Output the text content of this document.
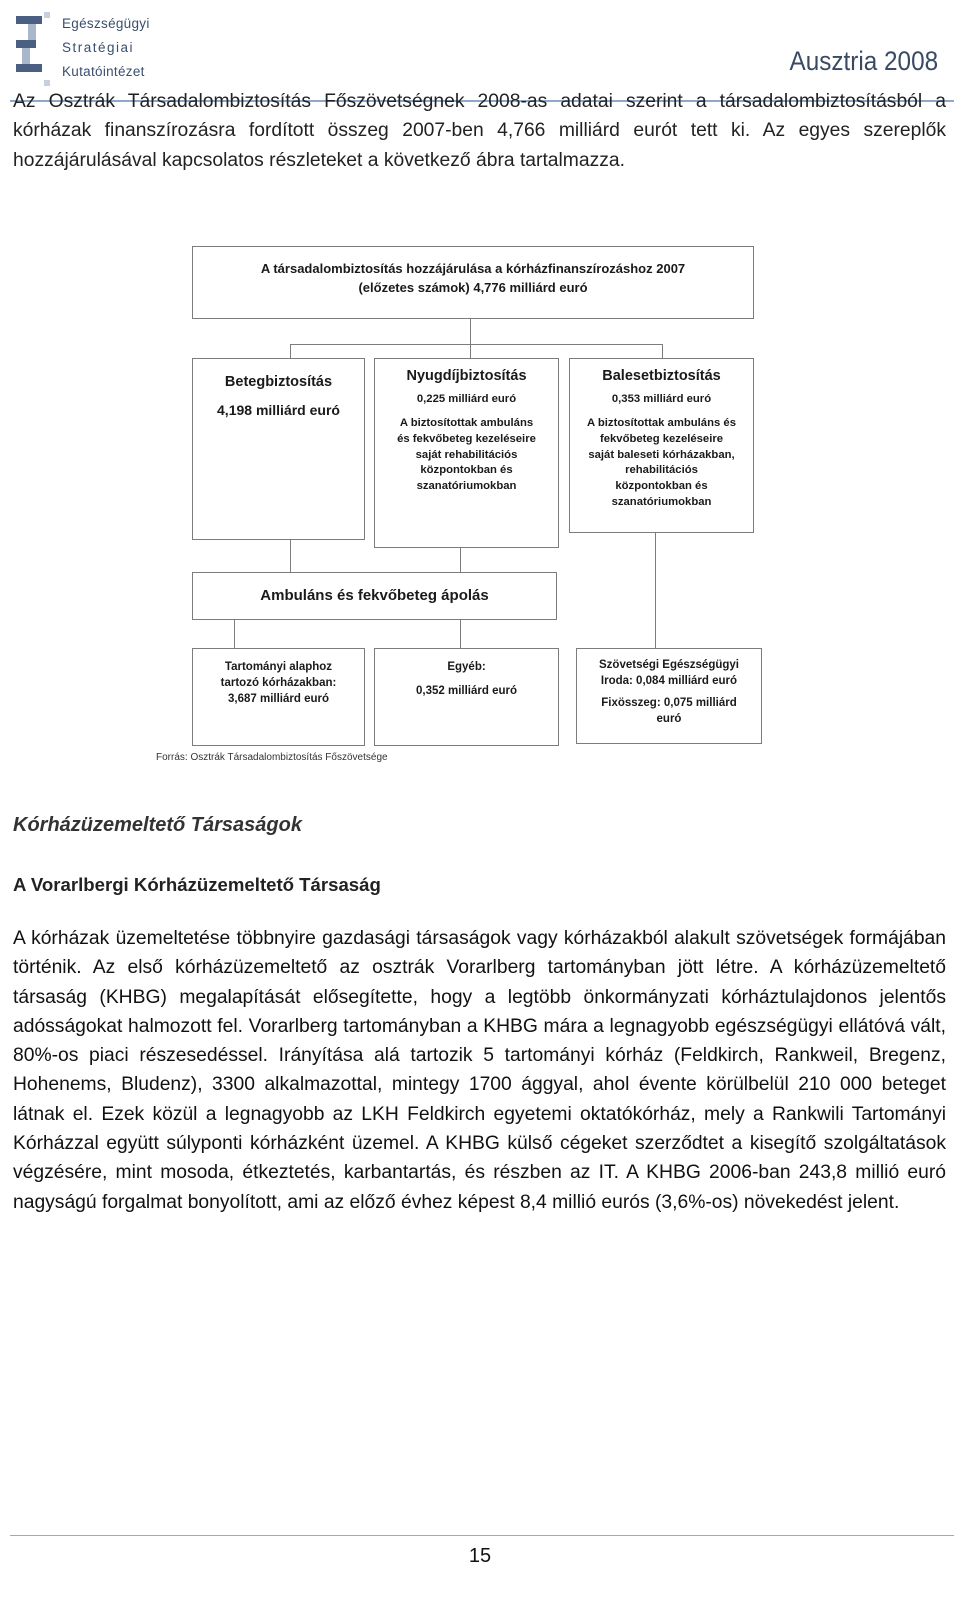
Egészségügyi
Stratégiai
Kutatóintézet	Ausztria 2008

Az Osztrák Társadalombiztosítás Főszövetségnek 2008-as adatai szerint a társadalombiztosításból a kórházak finanszírozásra fordított összeg 2007-ben 4,766 milliárd eurót tett ki. Az egyes szereplők hozzájárulásával kapcsolatos részleteket a következő ábra tartalmazza.

A társadalombiztosítás hozzájárulása a kórházfinanszírozáshoz 2007
(előzetes számok) 4,776 milliárd euró
Betegbiztosítás
4,198 milliárd euró
Nyugdíjbiztosítás
0,225 milliárd euró
A biztosítottak ambuláns és fekvőbeteg kezeléseire saját rehabilitációs központokban és szanatóriumokban
Balesetbiztosítás
0,353 milliárd euró
A biztosítottak ambuláns és fekvőbeteg kezeléseire saját baleseti kórházakban, rehabilitációs központokban és szanatóriumokban
Ambuláns és fekvőbeteg ápolás
Tartományi alaphoz tartozó kórházakban: 3,687 milliárd euró
Egyéb:
0,352 milliárd euró
Szövetségi Egészségügyi Iroda: 0,084 milliárd euró
Fixösszeg: 0,075 milliárd euró
Forrás: Osztrák Társadalombiztosítás Főszövetsége
Kórházüzemeltető Társaságok
A Vorarlbergi Kórházüzemeltető Társaság

A kórházak üzemeltetése többnyire gazdasági társaságok vagy kórházakból alakult szövetségek formájában történik. Az első kórházüzemeltető az osztrák Vorarlberg tartományban jött létre. A kórházüzemeltető társaság (KHBG) megalapítását elősegítette, hogy a legtöbb önkormányzati kórháztulajdonos jelentős adósságokat halmozott fel. Vorarlberg tartományban a KHBG mára a legnagyobb egészségügyi ellátóvá vált, 80%-os piaci részesedéssel. Irányítása alá tartozik 5 tartományi kórház (Feldkirch, Rankweil, Bregenz, Hohenems, Bludenz), 3300 alkalmazottal, mintegy 1700 ággyal, ahol évente körülbelül 210 000 beteget látnak el. Ezek közül a legnagyobb az LKH Feldkirch egyetemi oktatókórház, mely a Rankwili Tartományi Kórházzal együtt súlyponti kórházként üzemel. A KHBG külső cégeket szerződtet a kisegítő szolgáltatások végzésére, mint mosoda, étkeztetés, karbantartás, és részben az IT. A KHBG 2006-ban 243,8 millió euró nagyságú forgalmat bonyolított, ami az előző évhez képest 8,4 millió eurós (3,6%-os) növekedést jelent.

15
